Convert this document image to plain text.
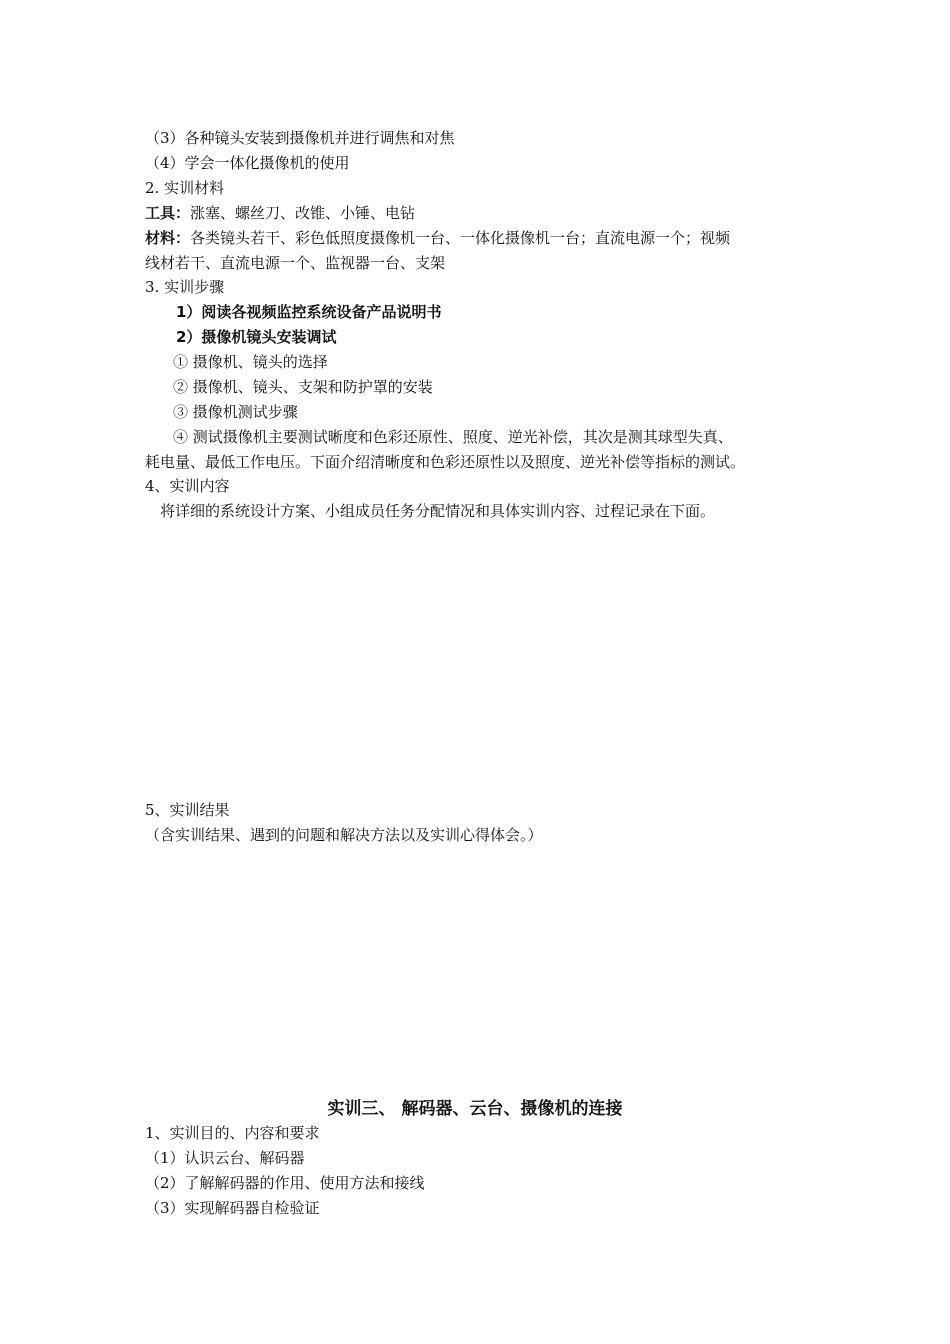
（3）各种镜头安装到摄像机并进行调焦和对焦
（4）学会一体化摄像机的使用
2. 实训材料
工具：涨塞、螺丝刀、改锥、小锤、电钻
材料：各类镜头若干、彩色低照度摄像机一台、一体化摄像机一台；直流电源一个；视频
线材若干、直流电源一个、监视器一台、支架
3. 实训步骤
1）阅读各视频监控系统设备产品说明书
2）摄像机镜头安装调试
① 摄像机、镜头的选择
② 摄像机、镜头、支架和防护罩的安装
③ 摄像机测试步骤
④ 测试摄像机主要测试晰度和色彩还原性、照度、逆光补偿，其次是测其球型失真、
耗电量、最低工作电压。下面介绍清晰度和色彩还原性以及照度、逆光补偿等指标的测试。
4、实训内容
将详细的系统设计方案、小组成员任务分配情况和具体实训内容、过程记录在下面。
5、实训结果
（含实训结果、遇到的问题和解决方法以及实训心得体会。）
实训三、 解码器、云台、摄像机的连接
1、实训目的、内容和要求
（1）认识云台、解码器
（2）了解解码器的作用、使用方法和接线
（3）实现解码器自检验证
